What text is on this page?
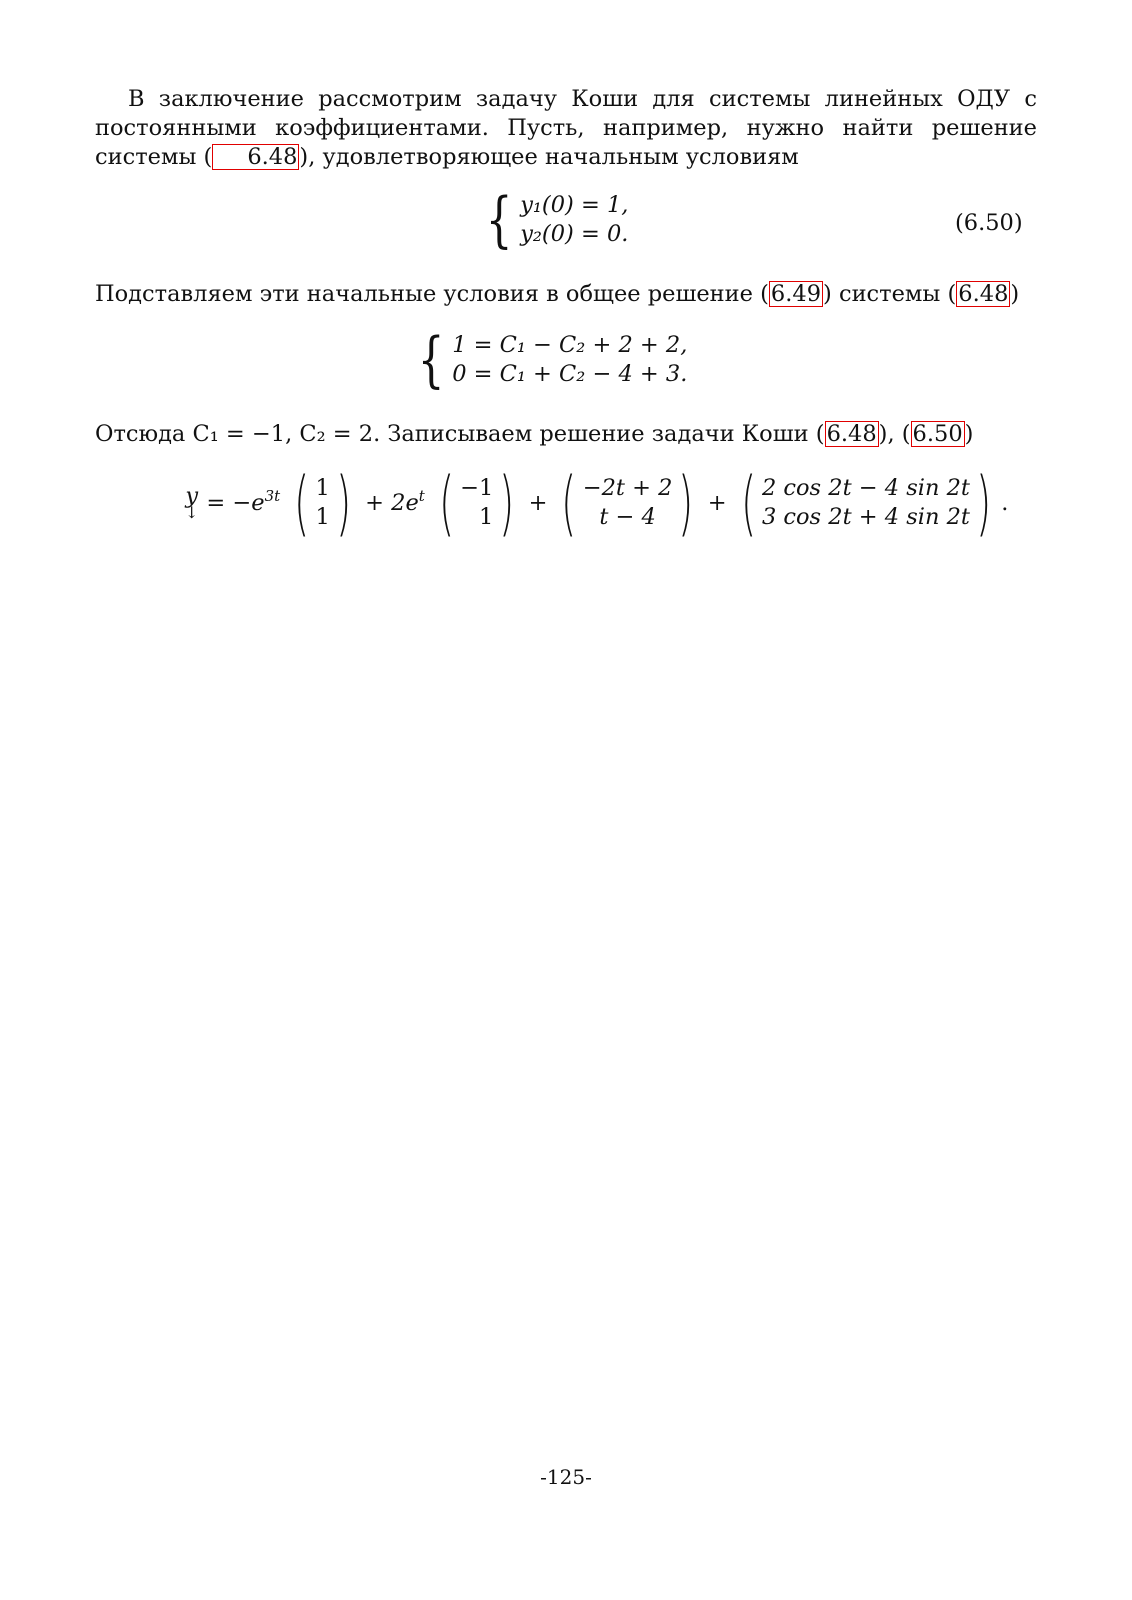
В заключение рассмотрим задачу Коши для системы линейных ОДУ с постоянными коэффициентами. Пусть, например, нужно найти решение системы ( 6.48), удовлетворяющее начальным условиям

{ y₁(0) = 1,
y₂(0) = 0.	(6.50)

Подставляем эти начальные условия в общее решение (6.49) системы (6.48)

{ 1 = C₁ − C₂ + 2 + 2,
0 = C₁ + C₂ − 4 + 3.

Отсюда C₁ = −1, C₂ = 2. Записываем решение задачи Коши (6.48), (6.50)

y
↓ = $-e^{3t}$ ( 1
1 ) + $2e^t$ ( −1
1 ) + ( −2t + 2
t − 4 ) + ( 2 cos 2t − 4 sin 2t
3 cos 2t + 4 sin 2t ) .
-125-
